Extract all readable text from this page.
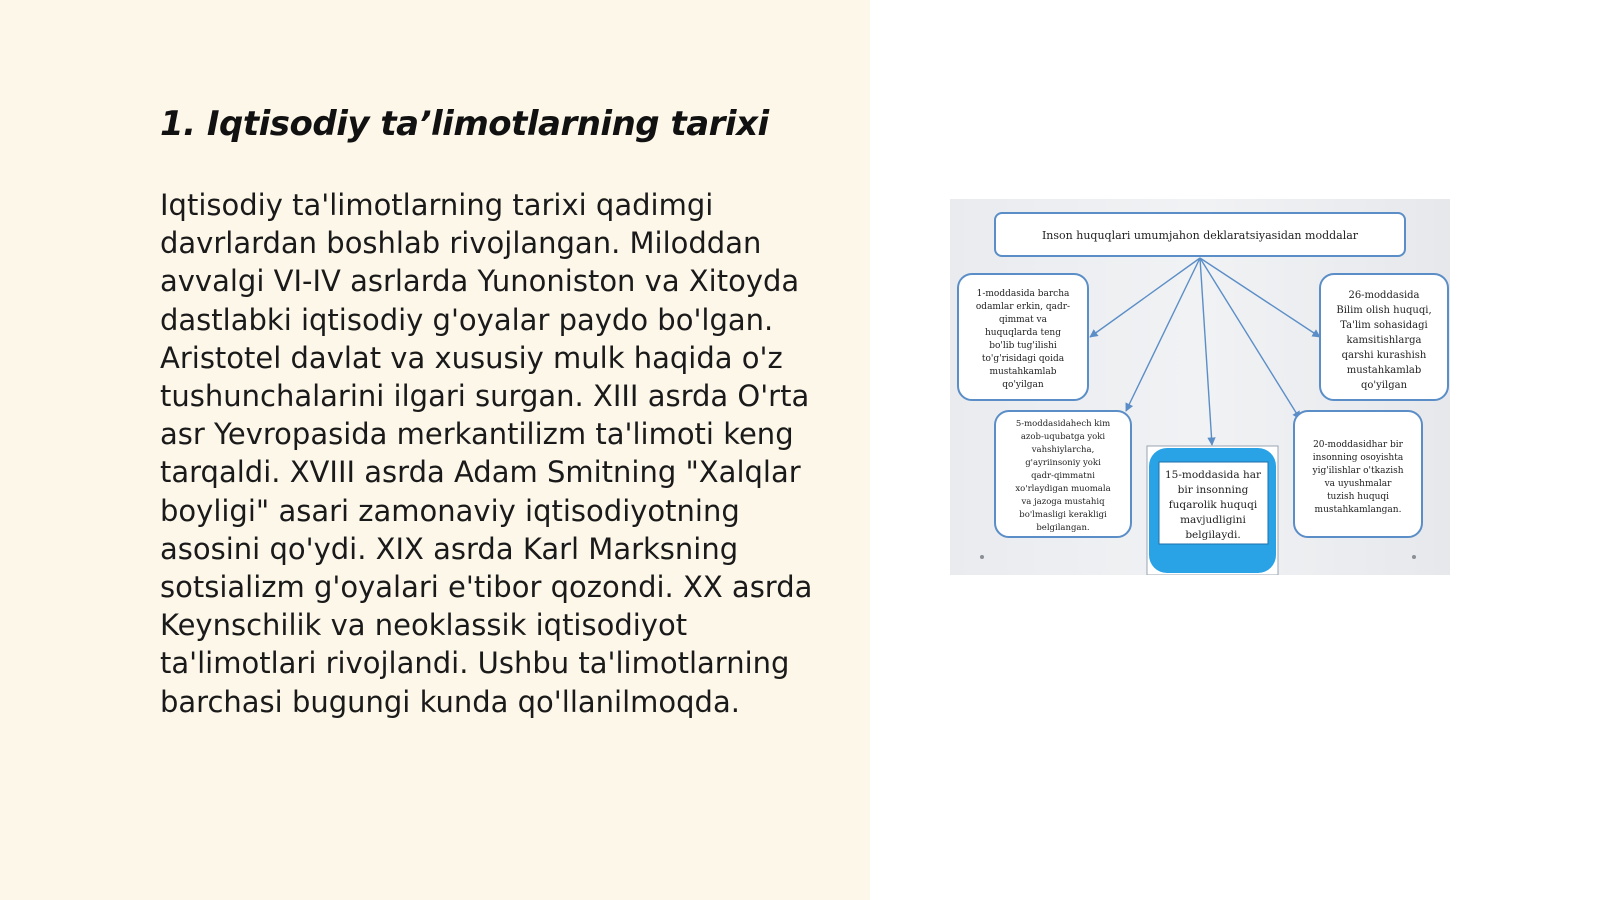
1. Iqtisodiy ta’limotlarning tarixi

Iqtisodiy ta'limotlarning tarixi qadimgi
davrlardan boshlab rivojlangan. Miloddan
avvalgi VI-IV asrlarda Yunoniston va Xitoyda
dastlabki iqtisodiy g'oyalar paydo bo'lgan.
Aristotel davlat va xususiy mulk haqida o'z
tushunchalarini ilgari surgan. XIII asrda O'rta
asr Yevropasida merkantilizm ta'limoti keng
tarqaldi. XVIII asrda Adam Smitning "Xalqlar
boyligi" asari zamonaviy iqtisodiyotning
asosini qo'ydi. XIX asrda Karl Marksning
sotsializm g'oyalari e'tibor qozondi. XX asrda
Keynschilik va neoklassik iqtisodiyot
ta'limotlari rivojlandi. Ushbu ta'limotlarning
barchasi bugungi kunda qo'llanilmoqda.

Inson huquqlari umumjahon deklaratsiyasidan moddalar
1-moddasida barcha
odamlar erkin, qadr-
qimmat va
huquqlarda teng
bo'lib tug'ilishi
to'g'risidagi qoida
mustahkamlab
qo'yilgan
26-moddasida
Bilim olish huquqi,
Ta'lim sohasidagi
kamsitishlarga
qarshi kurashish
mustahkamlab
qo'yilgan
5-moddasidahech kim
azob-uqubatga yoki
vahshiylarcha,
g'ayriinsoniy yoki
qadr-qimmatni
xo'rlaydigan muomala
va jazoga mustahiq
bo'lmasligi kerakligi
belgilangan.
15-moddasida har
bir insonning
fuqarolik huquqi
mavjudligini
belgilaydi.
20-moddasidhar bir
insonning osoyishta
yig'ilishlar o'tkazish
va uyushmalar
tuzish huquqi
mustahkamlangan.
